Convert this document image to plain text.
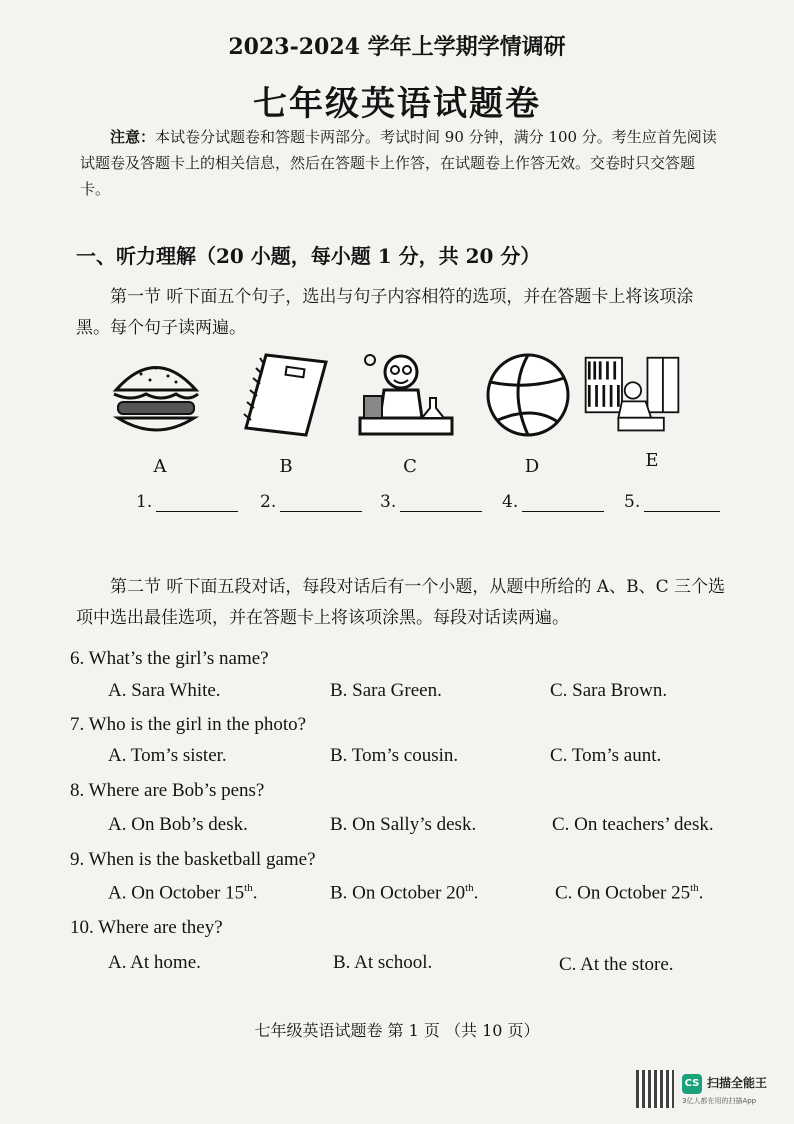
2023-2024 学年上学期学情调研
七年级英语试题卷
注意：本试卷分试题卷和答题卡两部分。考试时间 90 分钟，满分 100 分。考生应首先阅读试题卷及答题卡上的相关信息，然后在答题卡上作答，在试题卷上作答无效。交卷时只交答题卡。
一、听力理解（20 小题，每小题 1 分，共 20 分）
第一节 听下面五个句子，选出与句子内容相符的选项，并在答题卡上将该项涂黑。每个句子读两遍。
A	B	C	D	E
1.	2.	3.	4.	5.
第二节 听下面五段对话，每段对话后有一个小题，从题中所给的 A、B、C 三个选项中选出最佳选项，并在答题卡上将该项涂黑。每段对话读两遍。
6. What’s the girl’s name?
A. Sara White.	B. Sara Green.	C. Sara Brown.
7. Who is the girl in the photo?
A. Tom’s sister.	B. Tom’s cousin.	C. Tom’s aunt.
8. Where are Bob’s pens?
A. On Bob’s desk.	B. On Sally’s desk.	C. On teachers’ desk.
9. When is the basketball game?
A. On October 15th.	B. On October 20th.	C. On October 25th.
10. Where are they?
A. At home.	B. At school.	C. At the store.
七年级英语试题卷 第 1 页 （共 10 页）
CS 扫描全能王
3亿人都在用的扫描App
